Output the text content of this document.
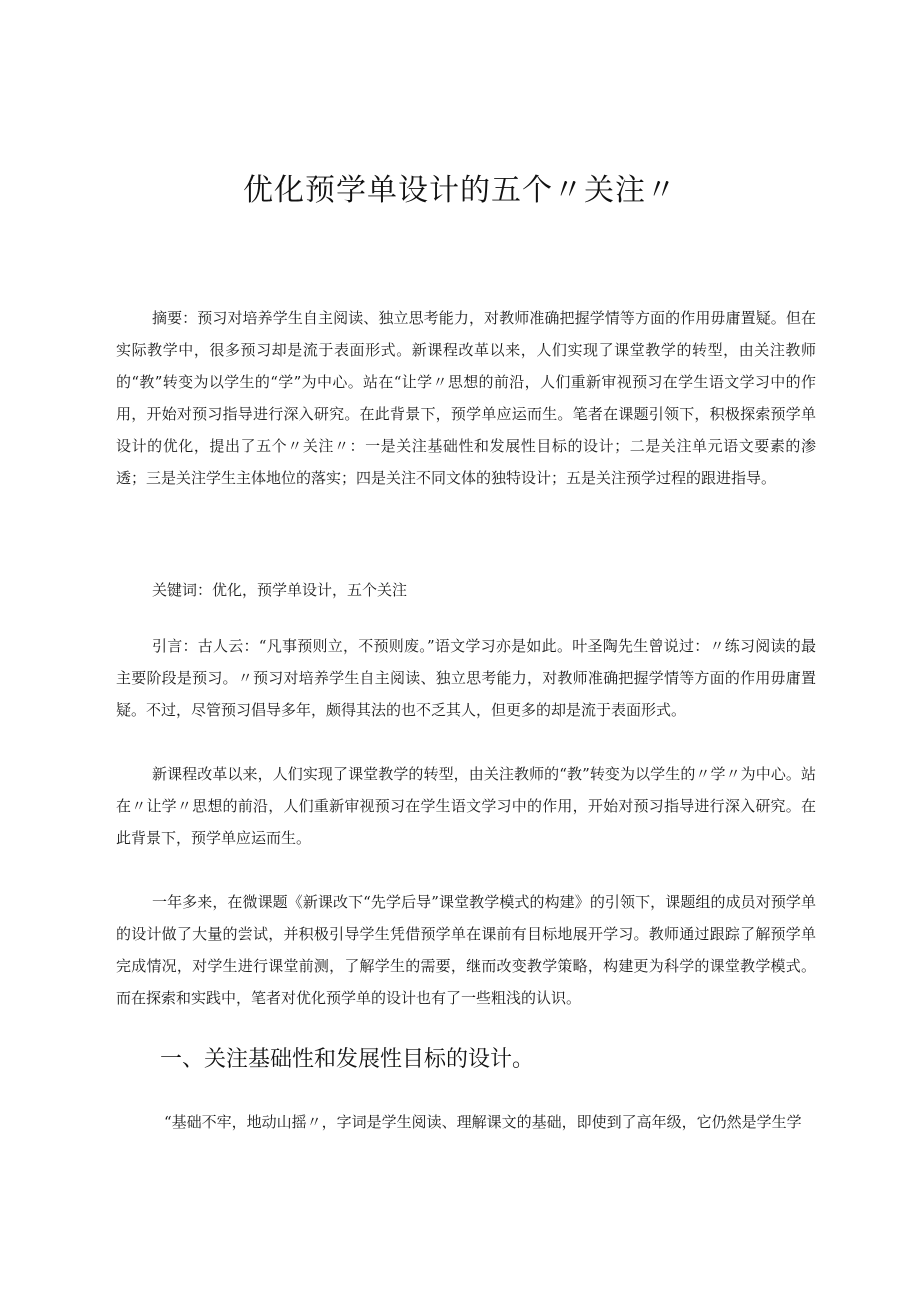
优化预学单设计的五个〃关注〃

摘要：预习对培养学生自主阅读、独立思考能力，对教师准确把握学情等方面的作用毋庸置疑。但在实际教学中，很多预习却是流于表面形式。新课程改革以来，人们实现了课堂教学的转型，由关注教师的“教”转变为以学生的“学”为中心。站在“让学〃思想的前沿，人们重新审视预习在学生语文学习中的作用，开始对预习指导进行深入研究。在此背景下，预学单应运而生。笔者在课题引领下，积极探索预学单设计的优化，提出了五个〃关注〃：一是关注基础性和发展性目标的设计；二是关注单元语文要素的渗透；三是关注学生主体地位的落实；四是关注不同文体的独特设计；五是关注预学过程的跟进指导。

关键词：优化，预学单设计，五个关注

引言：古人云：“凡事预则立，不预则废。”语文学习亦是如此。叶圣陶先生曾说过：〃练习阅读的最主要阶段是预习。〃预习对培养学生自主阅读、独立思考能力，对教师准确把握学情等方面的作用毋庸置疑。不过，尽管预习倡导多年，颇得其法的也不乏其人，但更多的却是流于表面形式。

新课程改革以来，人们实现了课堂教学的转型，由关注教师的“教”转变为以学生的〃学〃为中心。站在〃让学〃思想的前沿，人们重新审视预习在学生语文学习中的作用，开始对预习指导进行深入研究。在此背景下，预学单应运而生。

一年多来，在微课题《新课改下“先学后导”课堂教学模式的构建》的引领下，课题组的成员对预学单的设计做了大量的尝试，并积极引导学生凭借预学单在课前有目标地展开学习。教师通过跟踪了解预学单完成情况，对学生进行课堂前测，了解学生的需要，继而改变教学策略，构建更为科学的课堂教学模式。而在探索和实践中，笔者对优化预学单的设计也有了一些粗浅的认识。

一、关注基础性和发展性目标的设计。

“基础不牢，地动山摇〃，字词是学生阅读、理解课文的基础，即使到了高年级，它仍然是学生学
